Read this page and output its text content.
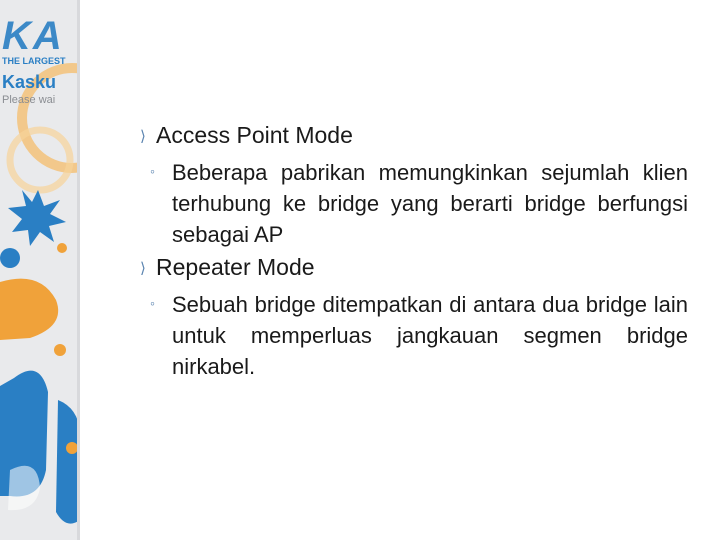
KA
THE LARGEST
Kasku
Please wai
⟩ Access Point Mode
◦ Beberapa pabrikan memungkinkan sejumlah klien terhubung ke bridge yang berarti bridge berfungsi sebagai AP
⟩ Repeater Mode
◦ Sebuah bridge ditempatkan di antara dua bridge lain untuk memperluas jangkauan segmen bridge nirkabel.
